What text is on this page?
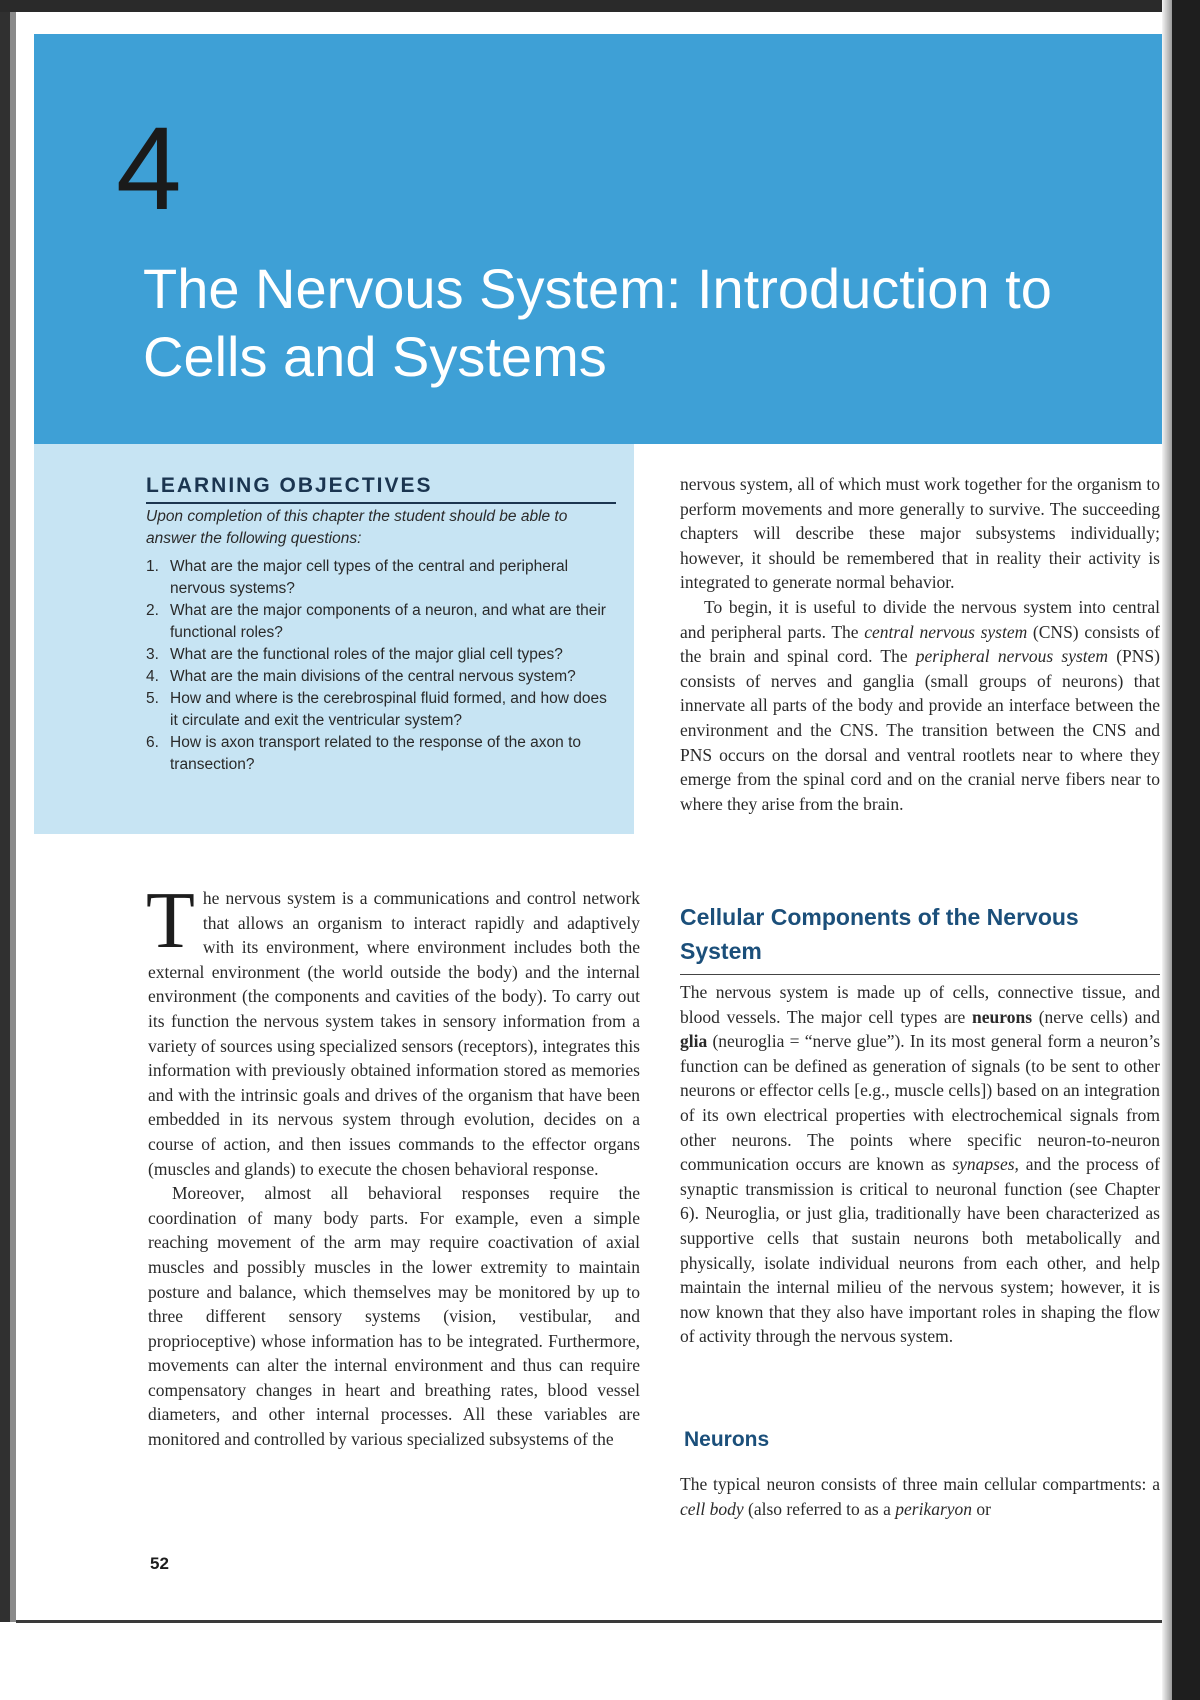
4
The Nervous System: Introduction to Cells and Systems
LEARNING OBJECTIVES
Upon completion of this chapter the student should be able to answer the following questions:
1. What are the major cell types of the central and peripheral nervous systems?
2. What are the major components of a neuron, and what are their functional roles?
3. What are the functional roles of the major glial cell types?
4. What are the main divisions of the central nervous system?
5. How and where is the cerebrospinal fluid formed, and how does it circulate and exit the ventricular system?
6. How is axon transport related to the response of the axon to transection?

The nervous system is a communications and control network that allows an organism to interact rapidly and adaptively with its environment, where environment includes both the external environment (the world outside the body) and the internal environment (the components and cavities of the body). To carry out its function the nervous system takes in sensory information from a variety of sources using specialized sensors (receptors), integrates this information with previously obtained information stored as memories and with the intrinsic goals and drives of the organism that have been embedded in its nervous system through evolution, decides on a course of action, and then issues commands to the effector organs (muscles and glands) to execute the chosen behavioral response.

Moreover, almost all behavioral responses require the coordination of many body parts. For example, even a simple reaching movement of the arm may require coactivation of axial muscles and possibly muscles in the lower extremity to maintain posture and balance, which themselves may be monitored by up to three different sensory systems (vision, vestibular, and proprioceptive) whose information has to be integrated. Furthermore, movements can alter the internal environment and thus can require compensatory changes in heart and breathing rates, blood vessel diameters, and other internal processes. All these variables are monitored and controlled by various specialized subsystems of the

nervous system, all of which must work together for the organism to perform movements and more generally to survive. The succeeding chapters will describe these major subsystems individually; however, it should be remembered that in reality their activity is integrated to generate normal behavior.

To begin, it is useful to divide the nervous system into central and peripheral parts. The central nervous system (CNS) consists of the brain and spinal cord. The peripheral nervous system (PNS) consists of nerves and ganglia (small groups of neurons) that innervate all parts of the body and provide an interface between the environment and the CNS. The transition between the CNS and PNS occurs on the dorsal and ventral rootlets near to where they emerge from the spinal cord and on the cranial nerve fibers near to where they arise from the brain.

Cellular Components of the Nervous System

The nervous system is made up of cells, connective tissue, and blood vessels. The major cell types are neurons (nerve cells) and glia (neuroglia = “nerve glue”). In its most general form a neuron’s function can be defined as generation of signals (to be sent to other neurons or effector cells [e.g., muscle cells]) based on an integration of its own electrical properties with electrochemical signals from other neurons. The points where specific neuron-to-neuron communication occurs are known as synapses, and the process of synaptic transmission is critical to neuronal function (see Chapter 6). Neuroglia, or just glia, traditionally have been characterized as supportive cells that sustain neurons both metabolically and physically, isolate individual neurons from each other, and help maintain the internal milieu of the nervous system; however, it is now known that they also have important roles in shaping the flow of activity through the nervous system.

Neurons

The typical neuron consists of three main cellular compartments: a cell body (also referred to as a perikaryon or

52
